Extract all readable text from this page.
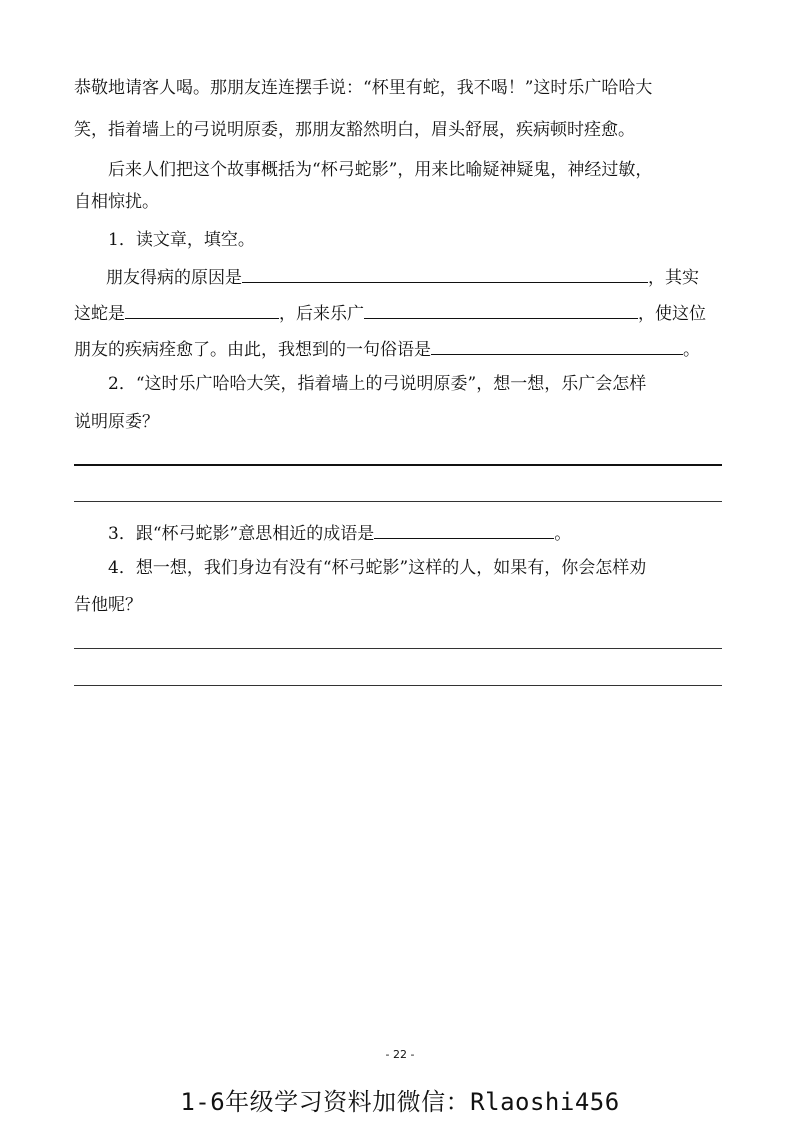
恭敬地请客人喝。那朋友连连摆手说：“杯里有蛇，我不喝！”这时乐广哈哈大
笑，指着墙上的弓说明原委，那朋友豁然明白，眉头舒展，疾病顿时痊愈。
后来人们把这个故事概括为“杯弓蛇影”，用来比喻疑神疑鬼，神经过敏，
自相惊扰。
1．读文章，填空。
朋友得病的原因是	，其实
这蛇是	，后来乐广	，使这位
朋友的疾病痊愈了。由此，我想到的一句俗语是	。
2．“这时乐广哈哈大笑，指着墙上的弓说明原委”，想一想，乐广会怎样
说明原委？
3．跟“杯弓蛇影”意思相近的成语是	。
4．想一想，我们身边有没有“杯弓蛇影”这样的人，如果有，你会怎样劝
告他呢？
- 22 -
1-6年级学习资料加微信：Rlaoshi456
